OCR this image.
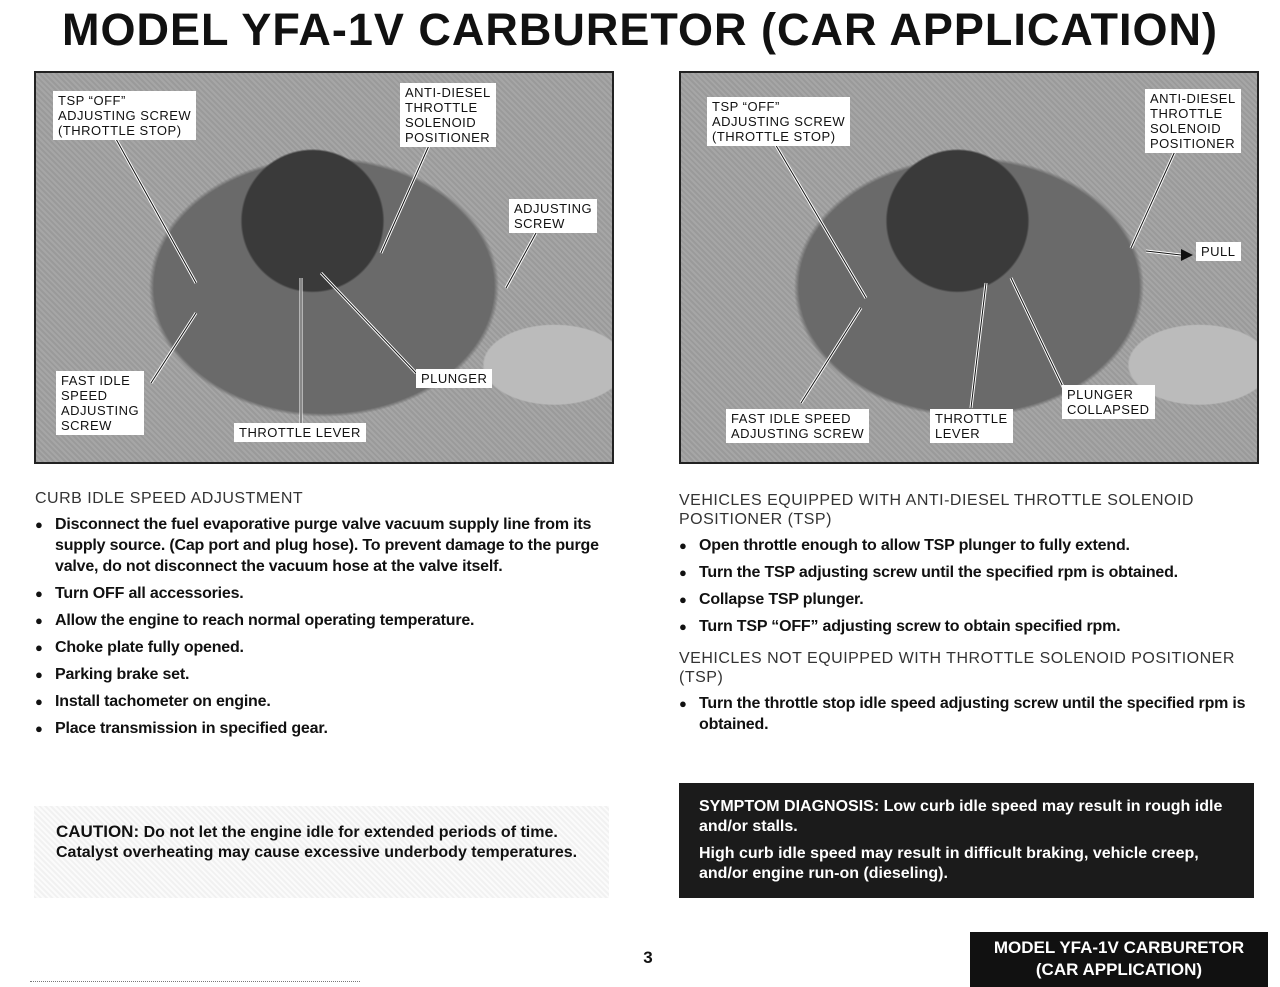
MODEL YFA-1V CARBURETOR (CAR APPLICATION)
TSP “OFF”
ADJUSTING SCREW
(THROTTLE STOP)
ANTI-DIESEL
THROTTLE
SOLENOID
POSITIONER
ADJUSTING
SCREW
FAST IDLE
SPEED
ADJUSTING
SCREW
PLUNGER
THROTTLE LEVER
TSP “OFF”
ADJUSTING SCREW
(THROTTLE STOP)
ANTI-DIESEL
THROTTLE
SOLENOID
POSITIONER
PULL
FAST IDLE SPEED
ADJUSTING SCREW
THROTTLE
LEVER
PLUNGER
COLLAPSED
CURB IDLE SPEED ADJUSTMENT
● Disconnect the fuel evaporative purge valve vacuum supply line from its supply source. (Cap port and plug hose). To prevent damage to the purge valve, do not disconnect the vacuum hose at the valve itself.
● Turn OFF all accessories.
● Allow the engine to reach normal operating temperature.
● Choke plate fully opened.
● Parking brake set.
● Install tachometer on engine.
● Place transmission in specified gear.
CAUTION: Do not let the engine idle for extended periods of time. Catalyst overheating may cause excessive underbody temperatures.
VEHICLES EQUIPPED WITH ANTI-DIESEL THROTTLE SOLENOID POSITIONER (TSP)
● Open throttle enough to allow TSP plunger to fully extend.
● Turn the TSP adjusting screw until the specified rpm is obtained.
● Collapse TSP plunger.
● Turn TSP “OFF” adjusting screw to obtain specified rpm.
VEHICLES NOT EQUIPPED WITH THROTTLE SOLENOID POSITIONER (TSP)
● Turn the throttle stop idle speed adjusting screw until the specified rpm is obtained.

SYMPTOM DIAGNOSIS: Low curb idle speed may result in rough idle and/or stalls.

High curb idle speed may result in difficult braking, vehicle creep, and/or engine run-on (dieseling).

3
MODEL YFA-1V CARBURETOR
(CAR APPLICATION)
